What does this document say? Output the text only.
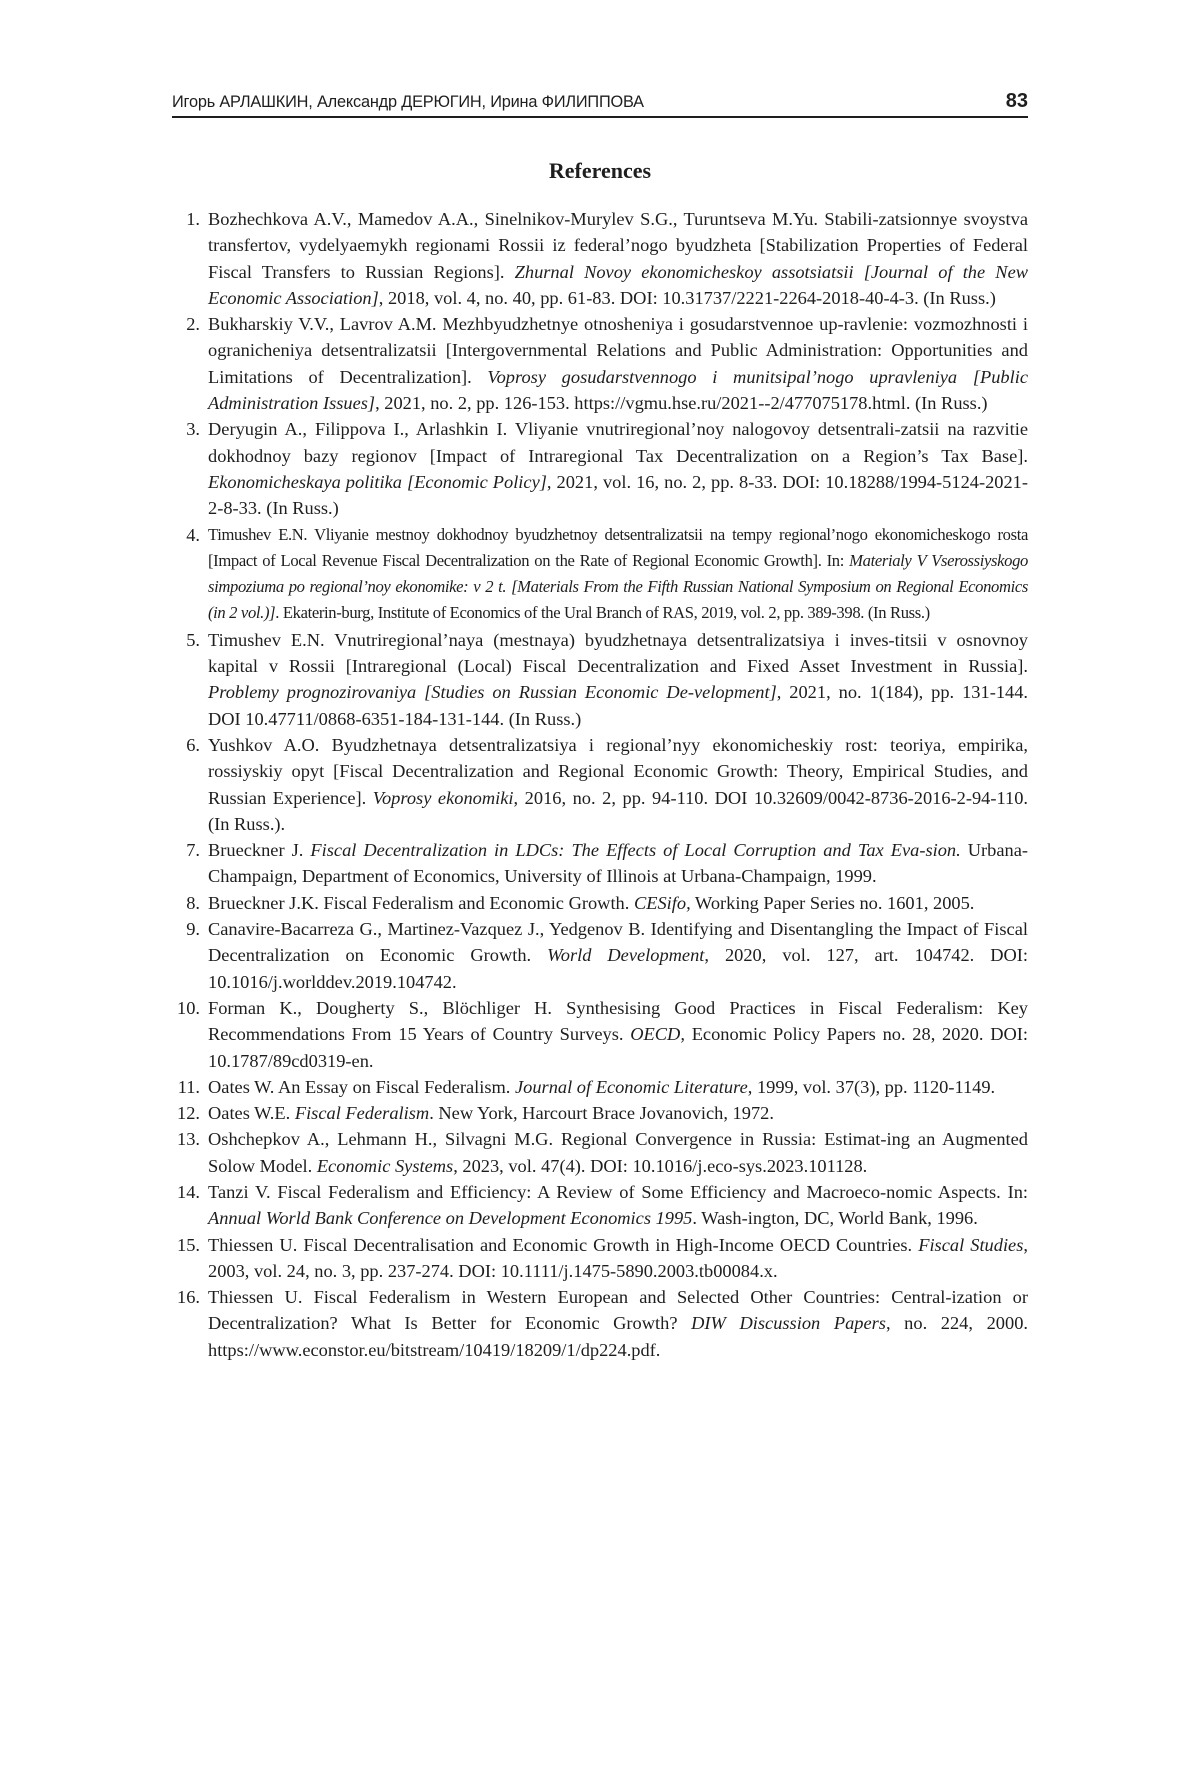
Игорь АРЛАШКИН, Александр ДЕРЮГИН, Ирина ФИЛИППОВА	83
References
1. Bozhechkova A.V., Mamedov A.A., Sinelnikov-Murylev S.G., Turuntseva M.Yu. Stabili-zatsionnye svoystva transfertov, vydelyaemykh regionami Rossii iz federal’nogo byudzheta [Stabilization Properties of Federal Fiscal Transfers to Russian Regions]. Zhurnal Novoy ekonomicheskoy assotsiatsii [Journal of the New Economic Association], 2018, vol. 4, no. 40, pp. 61-83. DOI: 10.31737/2221-2264-2018-40-4-3. (In Russ.)
2. Bukharskiy V.V., Lavrov A.M. Mezhbyudzhetnye otnosheniya i gosudarstvennoe up-ravlenie: vozmozhnosti i ogranicheniya detsentralizatsii [Intergovernmental Relations and Public Administration: Opportunities and Limitations of Decentralization]. Voprosy gosudarstvennogo i munitsipal’nogo upravleniya [Public Administration Issues], 2021, no. 2, pp. 126-153. https://vgmu.hse.ru/2021--2/477075178.html. (In Russ.)
3. Deryugin A., Filippova I., Arlashkin I. Vliyanie vnutriregional’noy nalogovoy detsentrali-zatsii na razvitie dokhodnoy bazy regionov [Impact of Intraregional Tax Decentralization on a Region’s Tax Base]. Ekonomicheskaya politika [Economic Policy], 2021, vol. 16, no. 2, pp. 8-33. DOI: 10.18288/1994-5124-2021-2-8-33. (In Russ.)
4. Timushev E.N. Vliyanie mestnoy dokhodnoy byudzhetnoy detsentralizatsii na tempy regional’nogo ekonomicheskogo rosta [Impact of Local Revenue Fiscal Decentralization on the Rate of Regional Economic Growth]. In: Materialy V Vserossiyskogo simpoziuma po regional’noy ekonomike: v 2 t. [Materials From the Fifth Russian National Symposium on Regional Economics (in 2 vol.)]. Ekaterin-burg, Institute of Economics of the Ural Branch of RAS, 2019, vol. 2, pp. 389-398. (In Russ.)
5. Timushev E.N. Vnutriregional’naya (mestnaya) byudzhetnaya detsentralizatsiya i inves-titsii v osnovnoy kapital v Rossii [Intraregional (Local) Fiscal Decentralization and Fixed Asset Investment in Russia]. Problemy prognozirovaniya [Studies on Russian Economic De-velopment], 2021, no. 1(184), pp. 131-144. DOI 10.47711/0868-6351-184-131-144. (In Russ.)
6. Yushkov A.O. Byudzhetnaya detsentralizatsiya i regional’nyy ekonomicheskiy rost: teoriya, empirika, rossiyskiy opyt [Fiscal Decentralization and Regional Economic Growth: Theory, Empirical Studies, and Russian Experience]. Voprosy ekonomiki, 2016, no. 2, pp. 94-110. DOI 10.32609/0042-8736-2016-2-94-110. (In Russ.).
7. Brueckner J. Fiscal Decentralization in LDCs: The Effects of Local Corruption and Tax Eva-sion. Urbana-Champaign, Department of Economics, University of Illinois at Urbana-Champaign, 1999.
8. Brueckner J.K. Fiscal Federalism and Economic Growth. CESifo, Working Paper Series no. 1601, 2005.
9. Canavire-Bacarreza G., Martinez-Vazquez J., Yedgenov B. Identifying and Disentangling the Impact of Fiscal Decentralization on Economic Growth. World Development, 2020, vol. 127, art. 104742. DOI: 10.1016/j.worlddev.2019.104742.
10. Forman K., Dougherty S., Blöchliger H. Synthesising Good Practices in Fiscal Federalism: Key Recommendations From 15 Years of Country Surveys. OECD, Economic Policy Papers no. 28, 2020. DOI: 10.1787/89cd0319-en.
11. Oates W. An Essay on Fiscal Federalism. Journal of Economic Literature, 1999, vol. 37(3), pp. 1120-1149.
12. Oates W.E. Fiscal Federalism. New York, Harcourt Brace Jovanovich, 1972.
13. Oshchepkov A., Lehmann H., Silvagni M.G. Regional Convergence in Russia: Estimat-ing an Augmented Solow Model. Economic Systems, 2023, vol. 47(4). DOI: 10.1016/j.eco-sys.2023.101128.
14. Tanzi V. Fiscal Federalism and Efficiency: A Review of Some Efficiency and Macroeco-nomic Aspects. In: Annual World Bank Conference on Development Economics 1995. Wash-ington, DC, World Bank, 1996.
15. Thiessen U. Fiscal Decentralisation and Economic Growth in High-Income OECD Countries. Fiscal Studies, 2003, vol. 24, no. 3, pp. 237-274. DOI: 10.1111/j.1475-5890.2003.tb00084.x.
16. Thiessen U. Fiscal Federalism in Western European and Selected Other Countries: Central-ization or Decentralization? What Is Better for Economic Growth? DIW Discussion Papers, no. 224, 2000. https://www.econstor.eu/bitstream/10419/18209/1/dp224.pdf.
